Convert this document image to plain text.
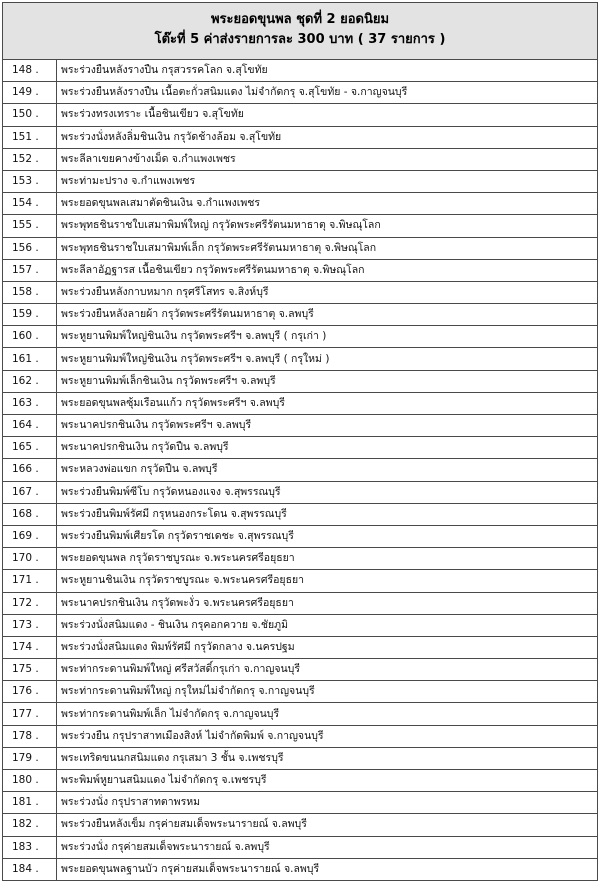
พระยอดขุนพล ชุดที่ 2 ยอดนิยม
โต๊ะที่ 5 ค่าส่งรายการละ 300 บาท ( 37 รายการ )
148 .	พระร่วงยืนหลังรางปืน กรุสวรรคโลก จ.สุโขทัย
149 .	พระร่วงยืนหลังรางปืน เนื้อตะกั่วสนิมแดง ไม่จำกัดกรุ จ.สุโขทัย - จ.กาญจนบุรี
150 .	พระร่วงทรงเทราะ เนื้อชินเขียว จ.สุโขทัย
151 .	พระร่วงนั่งหลังลิ่มชินเงิน กรุวัดช้างล้อม จ.สุโขทัย
152 .	พระลีลาเขยคางข้างเม็ด จ.กำแพงเพชร
153 .	พระท่ามะปราง จ.กำแพงเพชร
154 .	พระยอดขุนพลเสมาตัดชินเงิน จ.กำแพงเพชร
155 .	พระพุทธชินราชใบเสมาพิมพ์ใหญ่ กรุวัดพระศรีรัตนมหาธาตุ จ.พิษณุโลก
156 .	พระพุทธชินราชใบเสมาพิมพ์เล็ก กรุวัดพระศรีรัตนมหาธาตุ จ.พิษณุโลก
157 .	พระลีลาอัฏฐารส เนื้อชินเขียว กรุวัดพระศรีรัตนมหาธาตุ จ.พิษณุโลก
158 .	พระร่วงยืนหลังกาบหมาก กรุศรีโสทร จ.สิงห์บุรี
159 .	พระร่วงยืนหลังลายผ้า กรุวัดพระศรีรัตนมหาธาตุ จ.ลพบุรี
160 .	พระหูยานพิมพ์ใหญ่ชินเงิน กรุวัดพระศรีฯ จ.ลพบุรี ( กรุเก่า )
161 .	พระหูยานพิมพ์ใหญ่ชินเงิน กรุวัดพระศรีฯ จ.ลพบุรี ( กรุใหม่ )
162 .	พระหูยานพิมพ์เล็กชินเงิน กรุวัดพระศรีฯ จ.ลพบุรี
163 .	พระยอดขุนพลซุ้มเรือนแก้ว กรุวัดพระศรีฯ จ.ลพบุรี
164 .	พระนาคปรกชินเงิน กรุวัดพระศรีฯ จ.ลพบุรี
165 .	พระนาคปรกชินเงิน กรุวัดปืน จ.ลพบุรี
166 .	พระหลวงพ่อแขก กรุวัดปืน จ.ลพบุรี
167 .	พระร่วงยืนพิมพ์ซีโบ กรุวัดหนองแจง จ.สุพรรณบุรี
168 .	พระร่วงยืนพิมพ์รัศมี กรุหนองกระโดน จ.สุพรรณบุรี
169 .	พระร่วงยืนพิมพ์เศียรโต กรุวัดราชเดชะ จ.สุพรรณบุรี
170 .	พระยอดขุนพล กรุวัดราชบูรณะ จ.พระนครศรีอยุธยา
171 .	พระหูยานชินเงิน กรุวัดราชบูรณะ จ.พระนครศรีอยุธยา
172 .	พระนาคปรกชินเงิน กรุวัดพะงั่ว จ.พระนครศรีอยุธยา
173 .	พระร่วงนั่งสนิมแดง - ชินเงิน กรุคอกควาย จ.ชัยภูมิ
174 .	พระร่วงนั่งสนิมแดง พิมพ์รัศมี กรุวัดกลาง จ.นครปฐม
175 .	พระท่ากระดานพิมพ์ใหญ่ ศรีสวัสดิ์กรุเก่า จ.กาญจนบุรี
176 .	พระท่ากระดานพิมพ์ใหญ่ กรุใหม่ไม่จำกัดกรุ จ.กาญจนบุรี
177 .	พระท่ากระดานพิมพ์เล็ก ไม่จำกัดกรุ จ.กาญจนบุรี
178 .	พระร่วงยืน กรุปราสาทเมืองสิงห์ ไม่จำกัดพิมพ์ จ.กาญจนบุรี
179 .	พระเทริดขนนกสนิมแดง กรุเสมา 3 ชั้น จ.เพชรบุรี
180 .	พระพิมพ์หูยานสนิมแดง ไม่จำกัดกรุ จ.เพชรบุรี
181 .	พระร่วงนั่ง กรุปราสาทตาพรหม
182 .	พระร่วงยืนหลังเข็ม กรุค่ายสมเด็จพระนารายณ์ จ.ลพบุรี
183 .	พระร่วงนั่ง กรุค่ายสมเด็จพระนารายณ์ จ.ลพบุรี
184 .	พระยอดขุนพลฐานบัว กรุค่ายสมเด็จพระนารายณ์ จ.ลพบุรี
